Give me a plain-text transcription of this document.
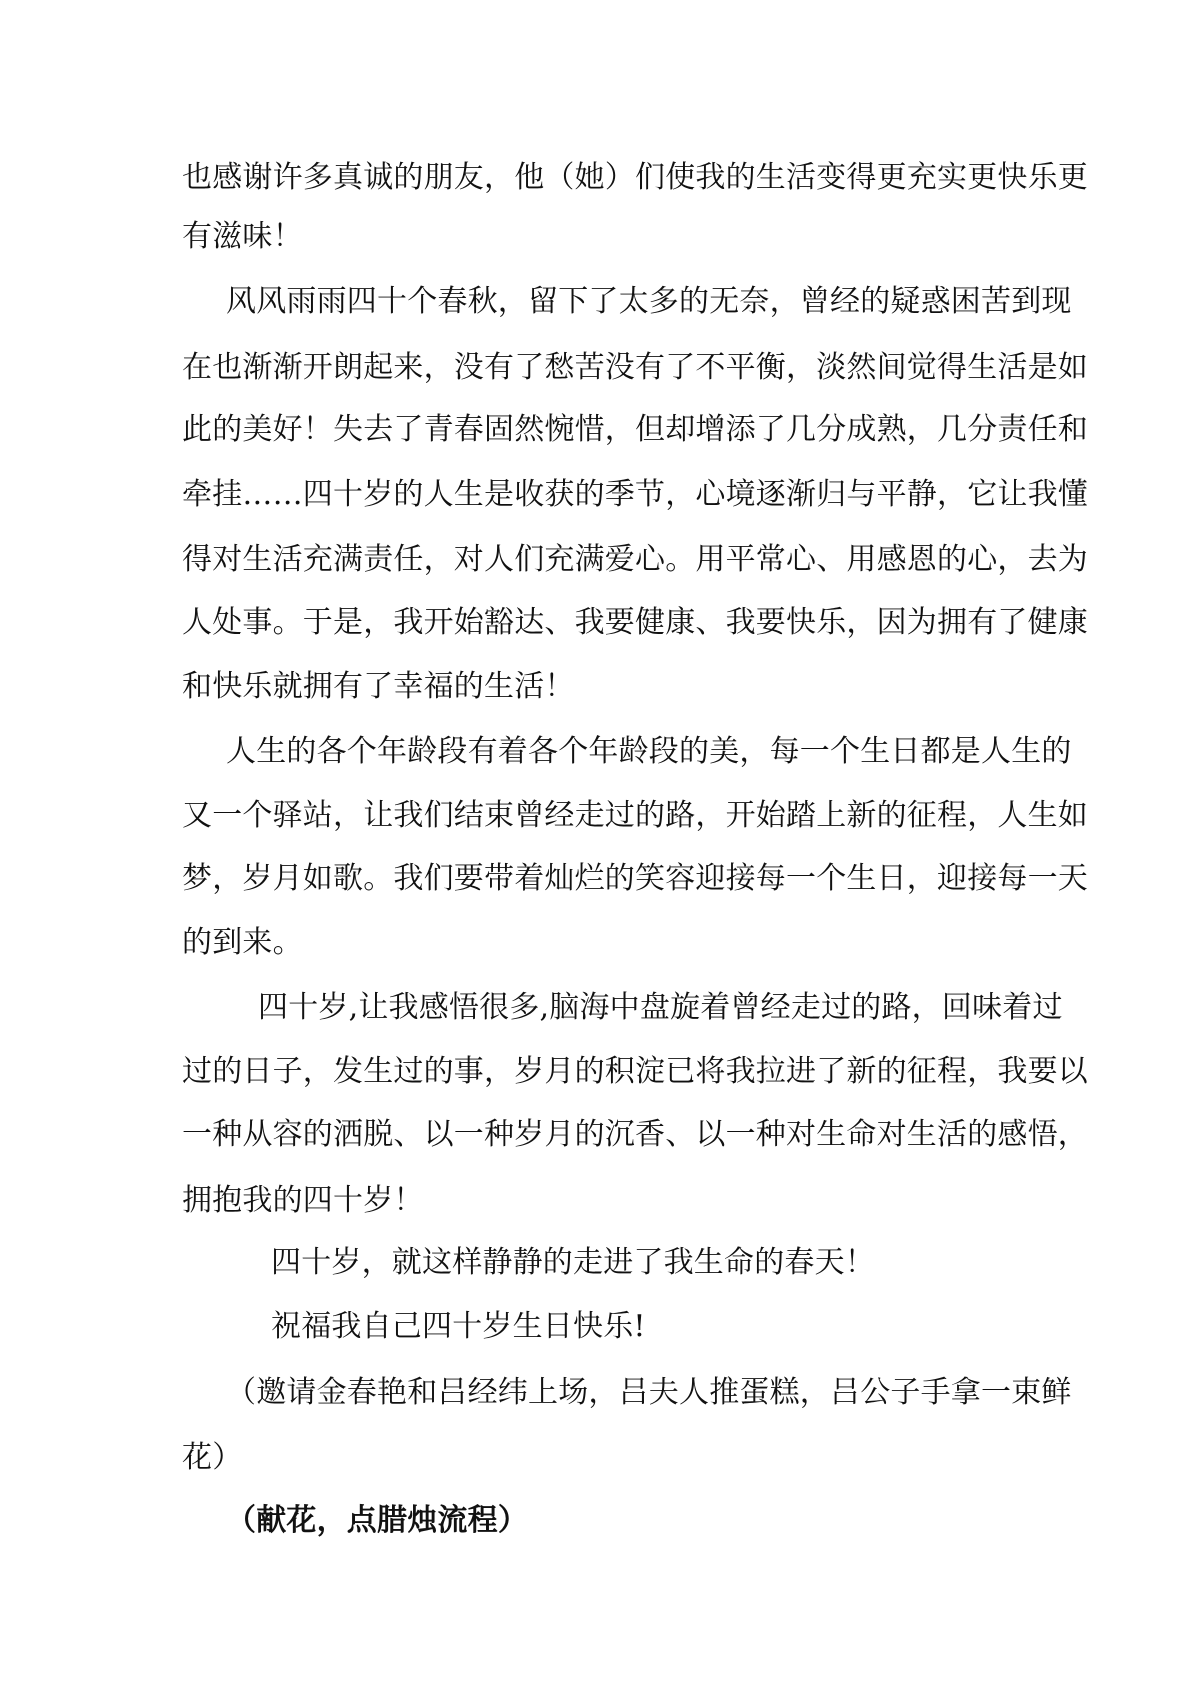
也感谢许多真诚的朋友，他（她）们使我的生活变得更充实更快乐更
有滋味！
风风雨雨四十个春秋，留下了太多的无奈，曾经的疑惑困苦到现
在也渐渐开朗起来，没有了愁苦没有了不平衡，淡然间觉得生活是如
此的美好！失去了青春固然惋惜，但却增添了几分成熟，几分责任和
牵挂……四十岁的人生是收获的季节，心境逐渐归与平静，它让我懂
得对生活充满责任，对人们充满爱心。用平常心、用感恩的心，去为
人处事。于是，我开始豁达、我要健康、我要快乐，因为拥有了健康
和快乐就拥有了幸福的生活！
人生的各个年龄段有着各个年龄段的美，每一个生日都是人生的
又一个驿站，让我们结束曾经走过的路，开始踏上新的征程，人生如
梦，岁月如歌。我们要带着灿烂的笑容迎接每一个生日，迎接每一天
的到来。
四十岁,让我感悟很多,脑海中盘旋着曾经走过的路，回味着过
过的日子，发生过的事，岁月的积淀已将我拉进了新的征程，我要以
一种从容的洒脱、以一种岁月的沉香、以一种对生命对生活的感悟，
拥抱我的四十岁！
四十岁，就这样静静的走进了我生命的春天！
祝福我自己四十岁生日快乐!
（邀请金春艳和吕经纬上场，吕夫人推蛋糕，吕公子手拿一束鲜
花）
（献花，点腊烛流程）
